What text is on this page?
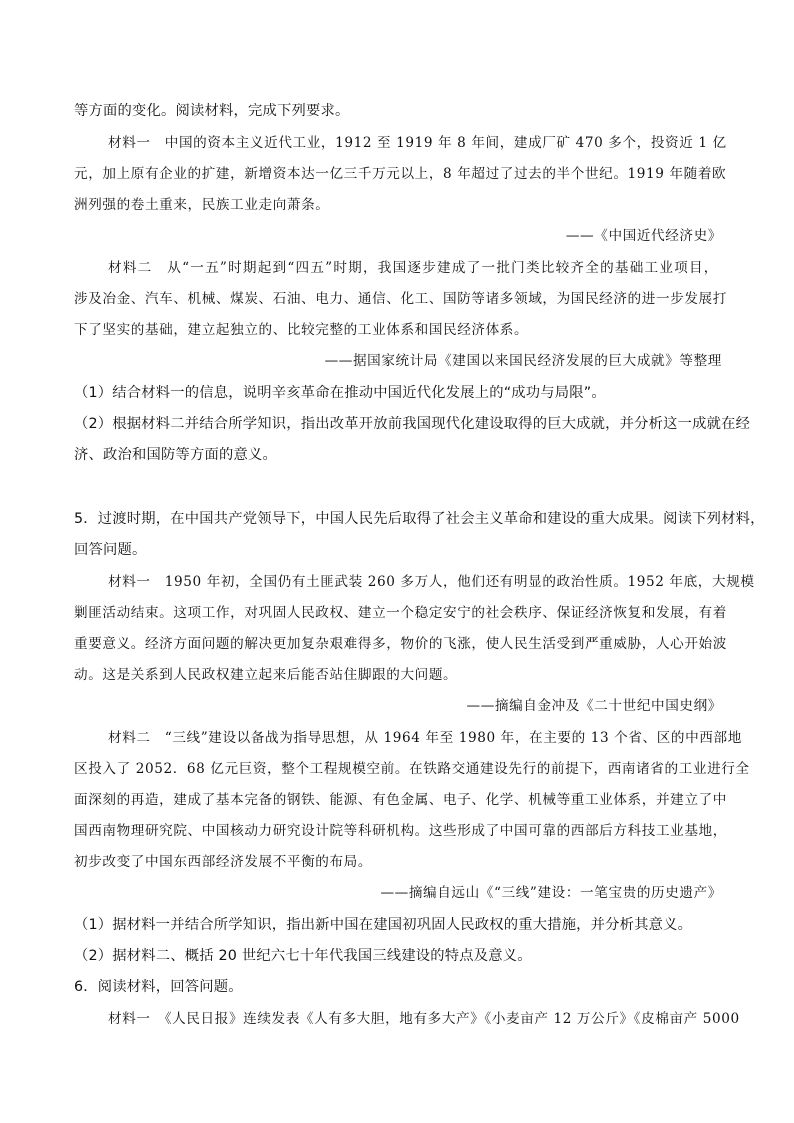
等方面的变化。阅读材料，完成下列要求。
材料一　中国的资本主义近代工业，1912 至 1919 年 8 年间，建成厂矿 470 多个，投资近 1 亿
元，加上原有企业的扩建，新增资本达一亿三千万元以上，8 年超过了过去的半个世纪。1919 年随着欧
洲列强的卷土重来，民族工业走向萧条。
——《中国近代经济史》
材料二　从“一五”时期起到“四五”时期，我国逐步建成了一批门类比较齐全的基础工业项目，
涉及冶金、汽车、机械、煤炭、石油、电力、通信、化工、国防等诸多领域，为国民经济的进一步发展打
下了坚实的基础，建立起独立的、比较完整的工业体系和国民经济体系。
——据国家统计局《建国以来国民经济发展的巨大成就》等整理
（1）结合材料一的信息，说明辛亥革命在推动中国近代化发展上的“成功与局限”。
（2）根据材料二并结合所学知识，指出改革开放前我国现代化建设取得的巨大成就，并分析这一成就在经
济、政治和国防等方面的意义。
5．过渡时期，在中国共产党领导下，中国人民先后取得了社会主义革命和建设的重大成果。阅读下列材料，
回答问题。
材料一　1950 年初，全国仍有土匪武装 260 多万人，他们还有明显的政治性质。1952 年底，大规模
剿匪活动结束。这项工作，对巩固人民政权、建立一个稳定安宁的社会秩序、保证经济恢复和发展，有着
重要意义。经济方面问题的解决更加复杂艰难得多，物价的飞涨，使人民生活受到严重威胁，人心开始波
动。这是关系到人民政权建立起来后能否站住脚跟的大问题。
——摘编自金冲及《二十世纪中国史纲》
材料二　“三线”建设以备战为指导思想，从 1964 年至 1980 年，在主要的 13 个省、区的中西部地
区投入了 2052．68 亿元巨资，整个工程规模空前。在铁路交通建设先行的前提下，西南诸省的工业进行全
面深刻的再造，建成了基本完备的钢铁、能源、有色金属、电子、化学、机械等重工业体系，并建立了中
国西南物理研究院、中国核动力研究设计院等科研机构。这些形成了中国可靠的西部后方科技工业基地，
初步改变了中国东西部经济发展不平衡的布局。
——摘编自远山《“三线”建设：一笔宝贵的历史遗产》
（1）据材料一并结合所学知识，指出新中国在建国初巩固人民政权的重大措施，并分析其意义。
（2）据材料二、概括 20 世纪六七十年代我国三线建设的特点及意义。
6．阅读材料，回答问题。
材料一　《人民日报》连续发表《人有多大胆，地有多大产》《小麦亩产 12 万公斤》《皮棉亩产 5000
